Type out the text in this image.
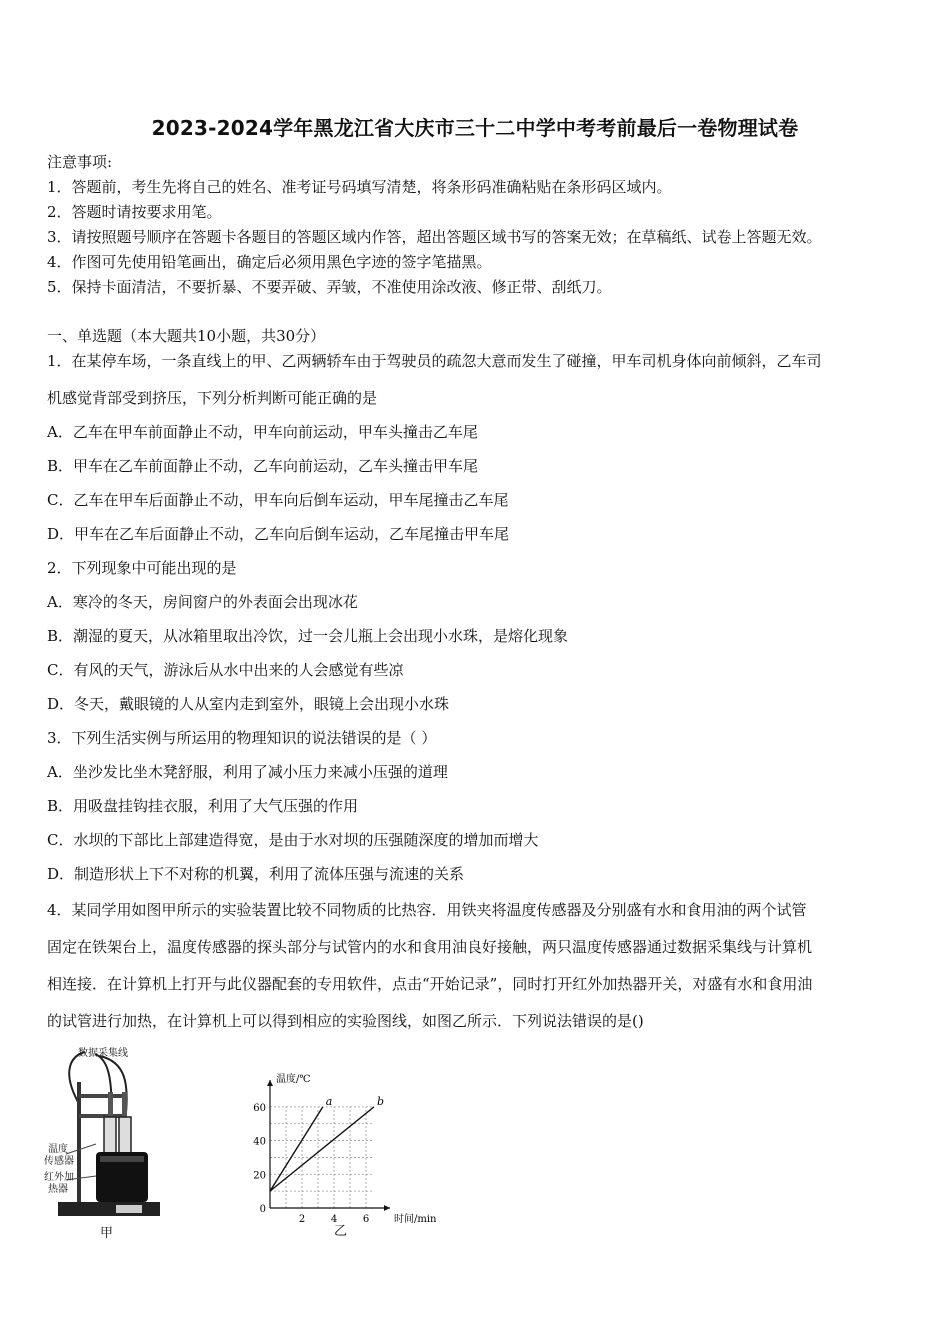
2023-2024学年黑龙江省大庆市三十二中学中考考前最后一卷物理试卷
注意事项:
1．答题前，考生先将自己的姓名、准考证号码填写清楚，将条形码准确粘贴在条形码区域内。
2．答题时请按要求用笔。
3．请按照题号顺序在答题卡各题目的答题区域内作答，超出答题区域书写的答案无效；在草稿纸、试卷上答题无效。
4．作图可先使用铅笔画出，确定后必须用黑色字迹的签字笔描黑。
5．保持卡面清洁，不要折暴、不要弄破、弄皱，不准使用涂改液、修正带、刮纸刀。
一、单选题（本大题共10小题，共30分）
1．在某停车场，一条直线上的甲、乙两辆轿车由于驾驶员的疏忽大意而发生了碰撞，甲车司机身体向前倾斜，乙车司
机感觉背部受到挤压，下列分析判断可能正确的是
A．乙车在甲车前面静止不动，甲车向前运动，甲车头撞击乙车尾
B．甲车在乙车前面静止不动，乙车向前运动，乙车头撞击甲车尾
C．乙车在甲车后面静止不动，甲车向后倒车运动，甲车尾撞击乙车尾
D．甲车在乙车后面静止不动，乙车向后倒车运动，乙车尾撞击甲车尾
2．下列现象中可能出现的是
A．寒冷的冬天，房间窗户的外表面会出现冰花
B．潮湿的夏天，从冰箱里取出冷饮，过一会儿瓶上会出现小水珠，是熔化现象
C．有风的天气，游泳后从水中出来的人会感觉有些凉
D．冬天，戴眼镜的人从室内走到室外，眼镜上会出现小水珠
3．下列生活实例与所运用的物理知识的说法错误的是（ ）
A．坐沙发比坐木凳舒服，利用了减小压力来减小压强的道理
B．用吸盘挂钩挂衣服，利用了大气压强的作用
C．水坝的下部比上部建造得宽，是由于水对坝的压强随深度的增加而增大
D．制造形状上下不对称的机翼，利用了流体压强与流速的关系
4．某同学用如图甲所示的实验装置比较不同物质的比热容．用铁夹将温度传感器及分别盛有水和食用油的两个试管
固定在铁架台上，温度传感器的探头部分与试管内的水和食用油良好接触，两只温度传感器通过数据采集线与计算机
相连接．在计算机上打开与此仪器配套的专用软件，点击“开始记录”，同时打开红外加热器开关，对盛有水和食用油
的试管进行加热，在计算机上可以得到相应的实验图线，如图乙所示．下列说法错误的是()
数据采集线
温度
传感器
红外加
热器
甲
2	4	6
20
40
60
0
温度/℃
时间/min
a	b
乙
